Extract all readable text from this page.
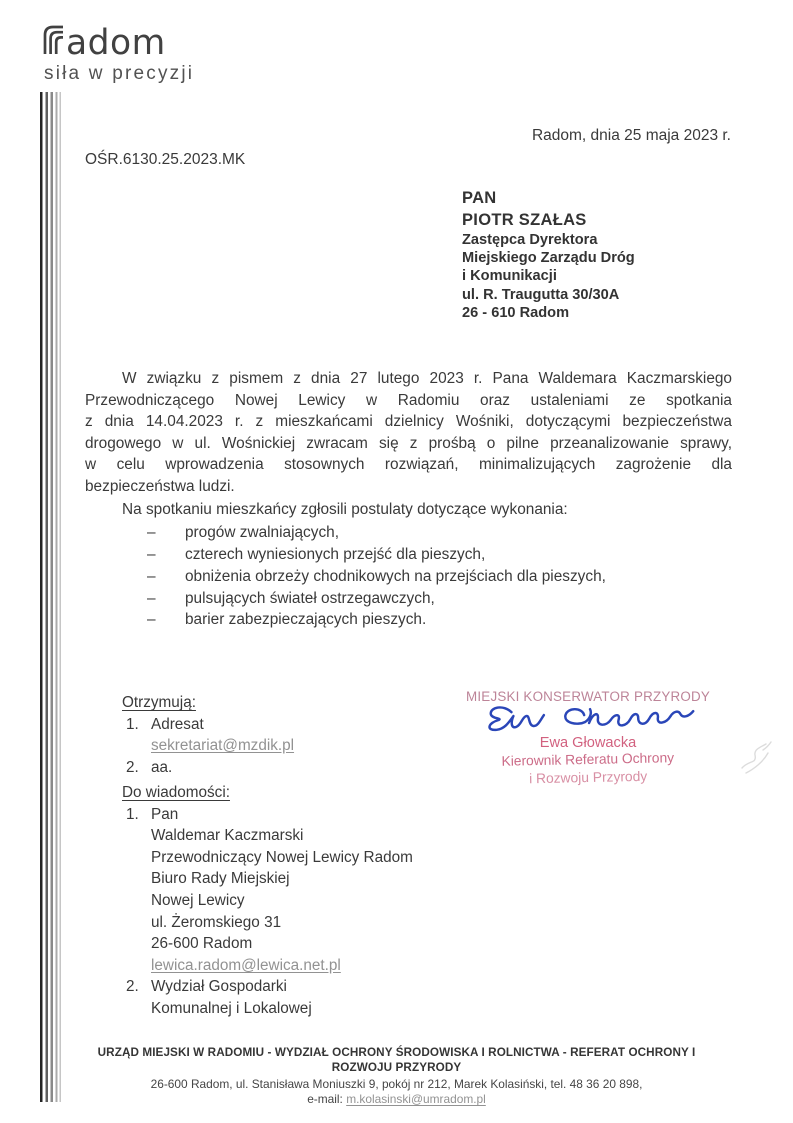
adom
siła w precyzji
Radom, dnia 25 maja 2023 r.
OŚR.6130.25.2023.MK
PAN
PIOTR SZAŁAS
Zastępca Dyrektora
Miejskiego Zarządu Dróg
i Komunikacji
ul. R. Traugutta 30/30A
26 - 610 Radom
W związku z pismem z dnia 27 lutego 2023 r. Pana Waldemara Kaczmarskiego
Przewodniczącego Nowej Lewicy w Radomiu oraz ustaleniami ze spotkania
z dnia 14.04.2023 r. z mieszkańcami dzielnicy Wośniki, dotyczącymi bezpieczeństwa
drogowego w ul. Wośnickiej zwracam się z prośbą o pilne przeanalizowanie sprawy,
w celu wprowadzenia stosownych rozwiązań, minimalizujących zagrożenie dla
bezpieczeństwa ludzi.
Na spotkaniu mieszkańcy zgłosili postulaty dotyczące wykonania:
–	progów zwalniających,
–	czterech wyniesionych przejść dla pieszych,
–	obniżenia obrzeży chodnikowych na przejściach dla pieszych,
–	pulsujących świateł ostrzegawczych,
–	barier zabezpieczających pieszych.
Otrzymują:
1. Adresat
sekretariat@mzdik.pl
2. aa.
MIEJSKI KONSERWATOR PRZYRODY
Ewa Głowacka
Kierownik Referatu Ochrony
i Rozwoju Przyrody
Do wiadomości:
1. Pan
Waldemar Kaczmarski
Przewodniczący Nowej Lewicy Radom
Biuro Rady Miejskiej
Nowej Lewicy
ul. Żeromskiego 31
26-600 Radom
lewica.radom@lewica.net.pl
2. Wydział Gospodarki
Komunalnej i Lokalowej
URZĄD MIEJSKI W RADOMIU - WYDZIAŁ OCHRONY ŚRODOWISKA I ROLNICTWA - REFERAT OCHRONY I ROZWOJU PRZYRODY
26-600 Radom, ul. Stanisława Moniuszki 9, pokój nr 212, Marek Kolasiński, tel. 48 36 20 898,
e-mail: m.kolasinski@umradom.pl
